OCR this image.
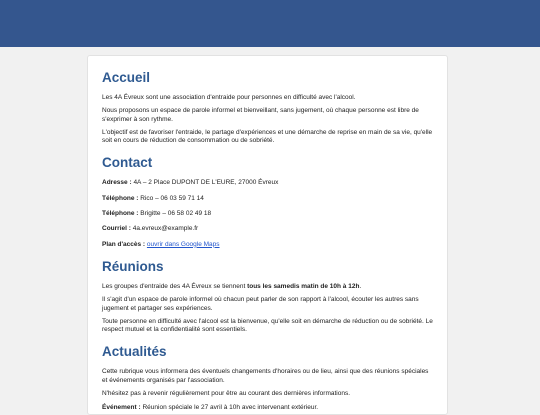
Accueil

Les 4A Évreux sont une association d'entraide pour personnes en difficulté avec l'alcool.

Nous proposons un espace de parole informel et bienveillant, sans jugement, où chaque personne est libre de s'exprimer à son rythme.

L'objectif est de favoriser l'entraide, le partage d'expériences et une démarche de reprise en main de sa vie, qu'elle soit en cours de réduction de consommation ou de sobriété.

Contact

Adresse : 4A – 2 Place DUPONT DE L'EURE, 27000 Évreux

Téléphone : Rico – 06 03 59 71 14

Téléphone : Brigitte – 06 58 02 49 18

Courriel : 4a.evreux@example.fr

Plan d'accès : ouvrir dans Google Maps

Réunions

Les groupes d'entraide des 4A Évreux se tiennent tous les samedis matin de 10h à 12h.

Il s'agit d'un espace de parole informel où chacun peut parler de son rapport à l'alcool, écouter les autres sans jugement et partager ses expériences.

Toute personne en difficulté avec l'alcool est la bienvenue, qu'elle soit en démarche de réduction ou de sobriété. Le respect mutuel et la confidentialité sont essentiels.

Actualités

Cette rubrique vous informera des éventuels changements d'horaires ou de lieu, ainsi que des réunions spéciales et événements organisés par l'association.

N'hésitez pas à revenir régulièrement pour être au courant des dernières informations.

Événement : Réunion spéciale le 27 avril à 10h avec intervenant extérieur.
